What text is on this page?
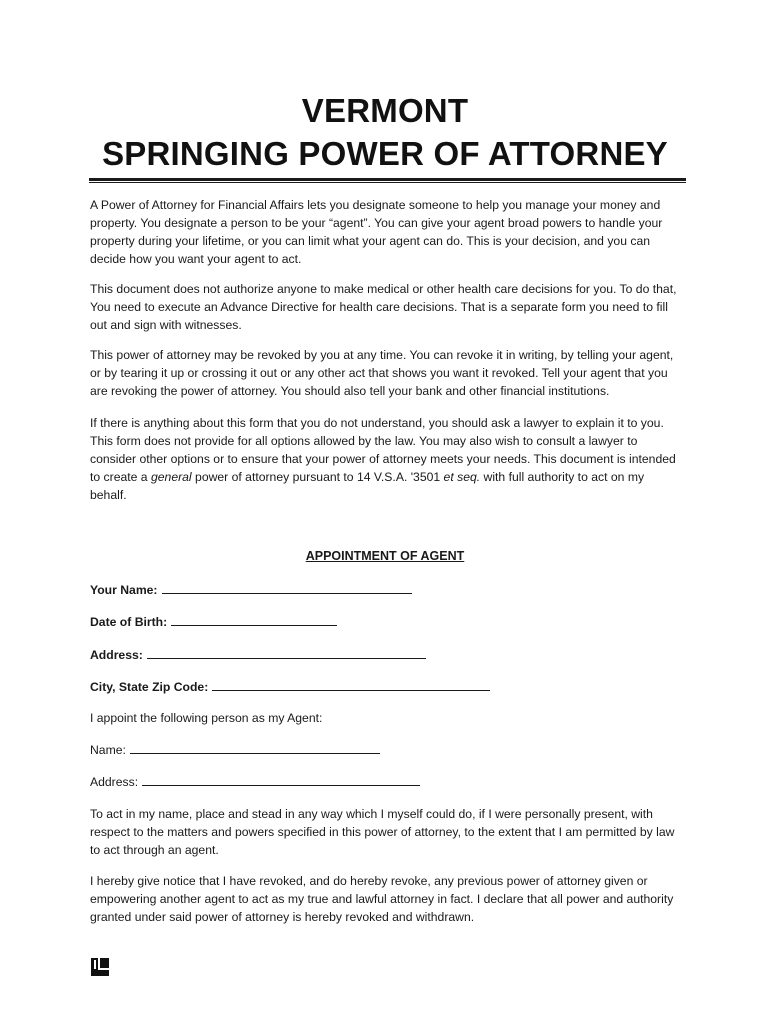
VERMONT
SPRINGING POWER OF ATTORNEY

A Power of Attorney for Financial Affairs lets you designate someone to help you manage your money and property. You designate a person to be your “agent”. You can give your agent broad powers to handle your property during your lifetime, or you can limit what your agent can do. This is your decision, and you can decide how you want your agent to act.

This document does not authorize anyone to make medical or other health care decisions for you. To do that, You need to execute an Advance Directive for health care decisions. That is a separate form you need to fill out and sign with witnesses.

This power of attorney may be revoked by you at any time. You can revoke it in writing, by telling your agent, or by tearing it up or crossing it out or any other act that shows you want it revoked. Tell your agent that you are revoking the power of attorney. You should also tell your bank and other financial institutions.

If there is anything about this form that you do not understand, you should ask a lawyer to explain it to you. This form does not provide for all options allowed by the law. You may also wish to consult a lawyer to consider other options or to ensure that your power of attorney meets your needs. This document is intended to create a general power of attorney pursuant to 14 V.S.A. '3501 et seq. with full authority to act on my behalf.

APPOINTMENT OF AGENT
Your Name:
Date of Birth:
Address:
City, State Zip Code:
I appoint the following person as my Agent:
Name:
Address:

To act in my name, place and stead in any way which I myself could do, if I were personally present, with respect to the matters and powers specified in this power of attorney, to the extent that I am permitted by law to act through an agent.

I hereby give notice that I have revoked, and do hereby revoke, any previous power of attorney given or empowering another agent to act as my true and lawful attorney in fact. I declare that all power and authority granted under said power of attorney is hereby revoked and withdrawn.
